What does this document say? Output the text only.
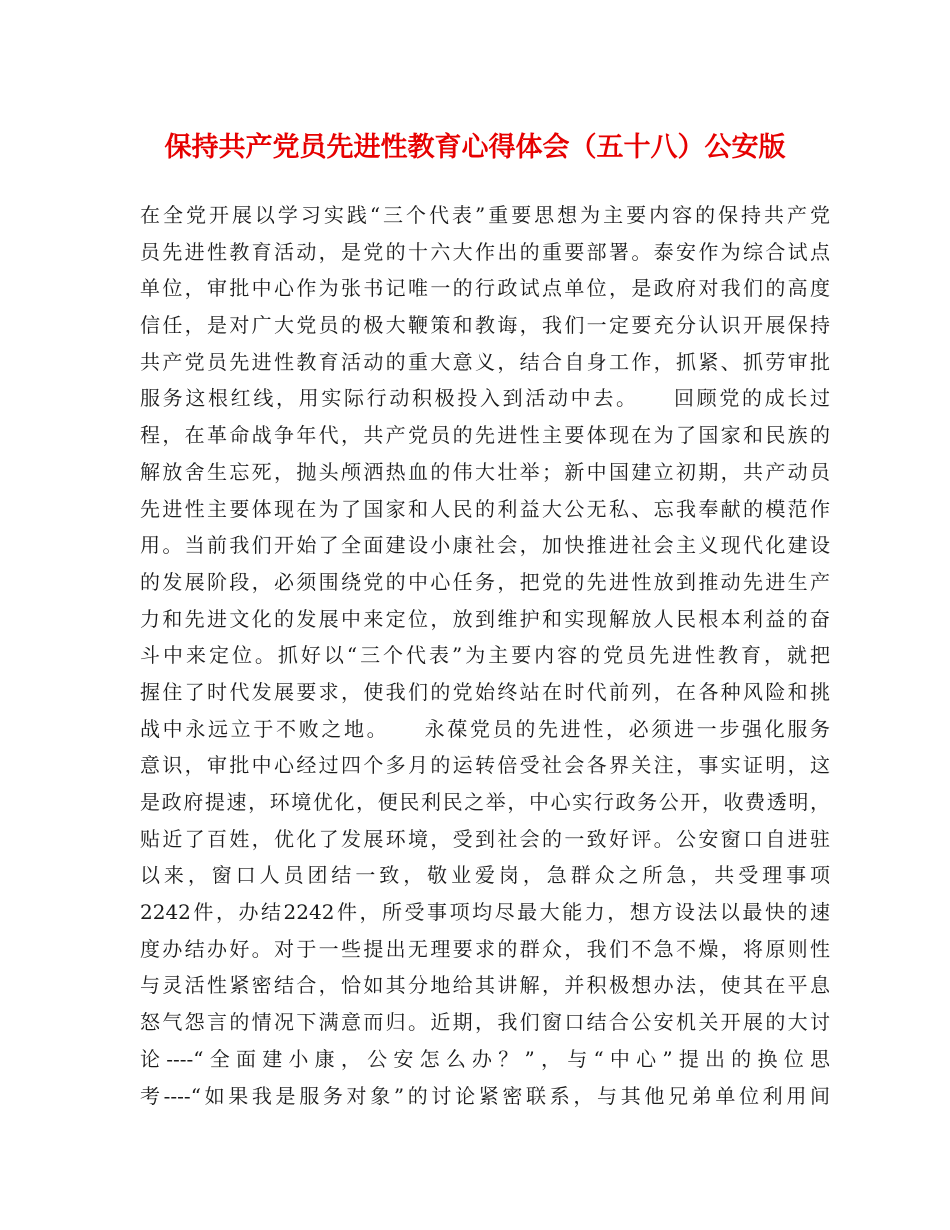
保持共产党员先进性教育心得体会（五十八）公安版
在全党开展以学习实践“三个代表”重要思想为主要内容的保持共产党
员先进性教育活动，是党的十六大作出的重要部署。泰安作为综合试点
单位，审批中心作为张书记唯一的行政试点单位，是政府对我们的高度
信任，是对广大党员的极大鞭策和教诲，我们一定要充分认识开展保持
共产党员先进性教育活动的重大意义，结合自身工作，抓紧、抓劳审批
服务这根红线，用实际行动积极投入到活动中去。　　回顾党的成长过
程，在革命战争年代，共产党员的先进性主要体现在为了国家和民族的
解放舍生忘死，抛头颅洒热血的伟大壮举；新中国建立初期，共产动员
先进性主要体现在为了国家和人民的利益大公无私、忘我奉献的模范作
用。当前我们开始了全面建设小康社会，加快推进社会主义现代化建设
的发展阶段，必须围绕党的中心任务，把党的先进性放到推动先进生产
力和先进文化的发展中来定位，放到维护和实现解放人民根本利益的奋
斗中来定位。抓好以“三个代表”为主要内容的党员先进性教育，就把
握住了时代发展要求，使我们的党始终站在时代前列，在各种风险和挑
战中永远立于不败之地。　　永葆党员的先进性，必须进一步强化服务
意识，审批中心经过四个多月的运转倍受社会各界关注，事实证明，这
是政府提速，环境优化，便民利民之举，中心实行政务公开，收费透明，
贴近了百姓，优化了发展环境，受到社会的一致好评。公安窗口自进驻
以来，窗口人员团结一致，敬业爱岗，急群众之所急，共受理事项
2242件，办结2242件，所受事项均尽最大能力，想方设法以最快的速
度办结办好。对于一些提出无理要求的群众，我们不急不燥，将原则性
与灵活性紧密结合，恰如其分地给其讲解，并积极想办法，使其在平息
怒气怨言的情况下满意而归。近期，我们窗口结合公安机关开展的大讨
论----“全面建小康，公安怎么办？”，与“中心”提出的换位思
考----“如果我是服务对象”的讨论紧密联系，与其他兄弟单位利用间
